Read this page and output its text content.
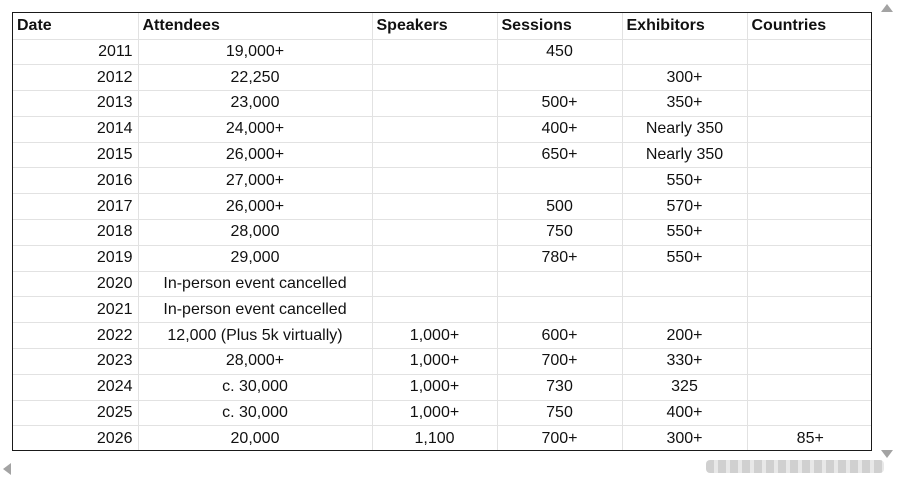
Date	Attendees	Speakers	Sessions	Exhibitors	Countries
2011	19,000+		450		
2012	22,250			300+	
2013	23,000		500+	350+	
2014	24,000+		400+	Nearly 350	
2015	26,000+		650+	Nearly 350	
2016	27,000+			550+	
2017	26,000+		500	570+	
2018	28,000		750	550+	
2019	29,000		780+	550+	
2020	In-person event cancelled				
2021	In-person event cancelled				
2022	12,000 (Plus 5k virtually)	1,000+	600+	200+	
2023	28,000+	1,000+	700+	330+	
2024	c. 30,000	1,000+	730	325	
2025	c. 30,000	1,000+	750	400+	
2026	20,000	1,100	700+	300+	85+
